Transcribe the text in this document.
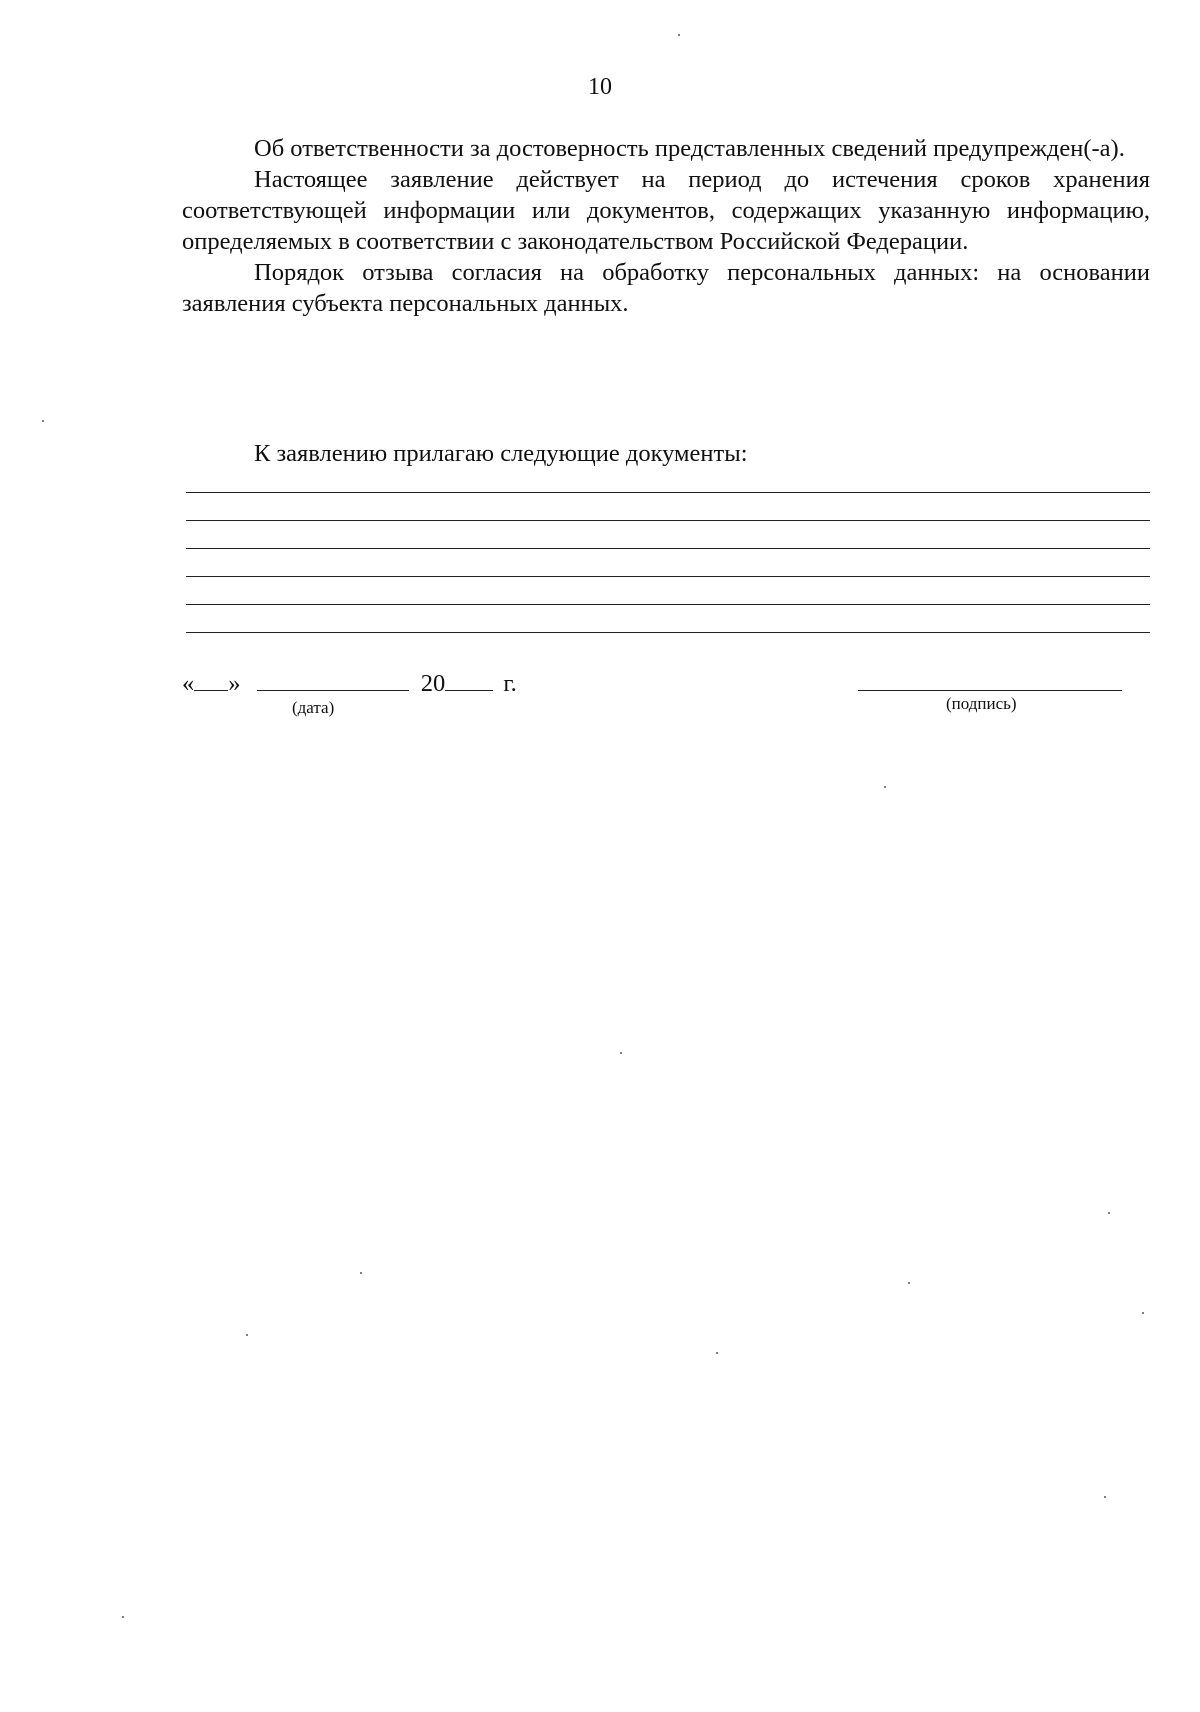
10

Об ответственности за достоверность представленных сведений предупрежден(-а).

Настоящее заявление действует на период до истечения сроков хранения соответствующей информации или документов, содержащих указанную информацию, определяемых в соответствии с законодательством Российской Федерации.

Порядок отзыва согласия на обработку персональных данных: на основании заявления субъекта персональных данных.

К заявлению прилагаю следующие документы:
« »	20 г.
(дата)	(подпись)
